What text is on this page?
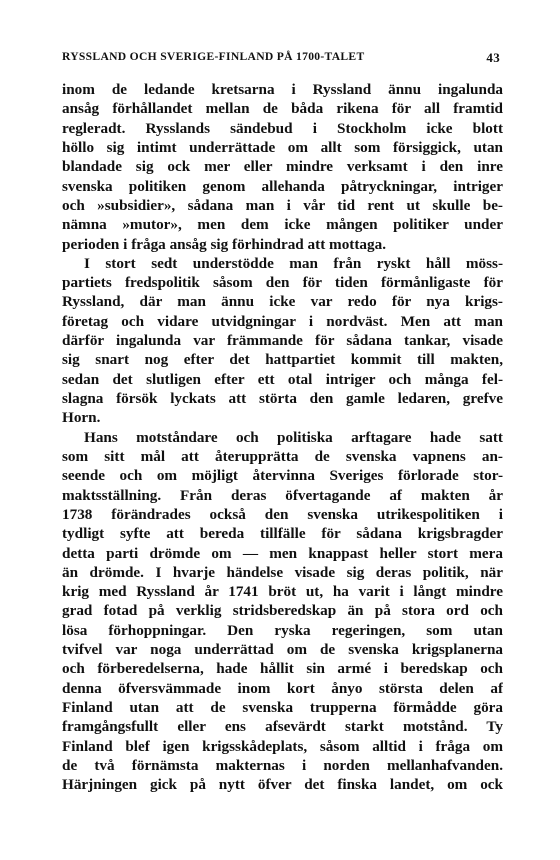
RYSSLAND OCH SVERIGE-FINLAND PÅ 1700-TALET	43
inom de ledande kretsarna i Ryssland ännu ingalunda
ansåg förhållandet mellan de båda rikena för all framtid
regleradt. Rysslands sändebud i Stockholm icke blott
höllo sig intimt underrättade om allt som försiggick, utan
blandade sig ock mer eller mindre verksamt i den inre
svenska politiken genom allehanda påtryckningar, intriger
och »subsidier», sådana man i vår tid rent ut skulle be-
nämna »mutor», men dem icke mången politiker under
perioden i fråga ansåg sig förhindrad att mottaga.
I stort sedt understödde man från ryskt håll möss-
partiets fredspolitik såsom den för tiden förmånligaste för
Ryssland, där man ännu icke var redo för nya krigs-
företag och vidare utvidgningar i nordväst. Men att man
därför ingalunda var främmande för sådana tankar, visade
sig snart nog efter det hattpartiet kommit till makten,
sedan det slutligen efter ett otal intriger och många fel-
slagna försök lyckats att störta den gamle ledaren, grefve
Horn.
Hans motståndare och politiska arftagare hade satt
som sitt mål att återupprätta de svenska vapnens an-
seende och om möjligt återvinna Sveriges förlorade stor-
maktsställning. Från deras öfvertagande af makten år
1738 förändrades också den svenska utrikespolitiken i
tydligt syfte att bereda tillfälle för sådana krigsbragder
detta parti drömde om — men knappast heller stort mera
än drömde. I hvarje händelse visade sig deras politik, när
krig med Ryssland år 1741 bröt ut, ha varit i långt mindre
grad fotad på verklig stridsberedskap än på stora ord och
lösa förhoppningar. Den ryska regeringen, som utan
tvifvel var noga underrättad om de svenska krigsplanerna
och förberedelserna, hade hållit sin armé i beredskap och
denna öfversvämmade inom kort ånyo största delen af
Finland utan att de svenska trupperna förmådde göra
framgångsfullt eller ens afsevärdt starkt motstånd. Ty
Finland blef igen krigsskådeplats, såsom alltid i fråga om
de två förnämsta makternas i norden mellanhafvanden.
Härjningen gick på nytt öfver det finska landet, om ock
